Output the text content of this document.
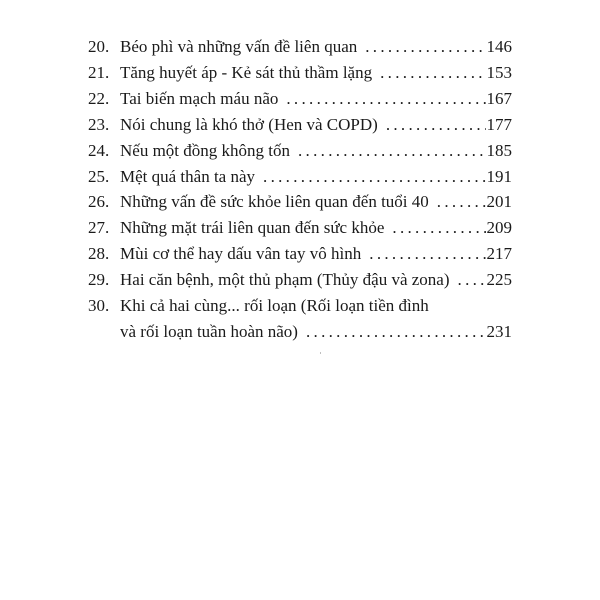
20. Béo phì và những vấn đề liên quan .....	146
21. Tăng huyết áp - Kẻ sát thủ thầm lặng .....	153
22. Tai biến mạch máu não .....	167
23. Nói chung là khó thở (Hen và COPD) .....	177
24. Nếu một đồng không tốn .....	185
25. Mệt quá thân ta này .....	191
26. Những vấn đề sức khỏe liên quan đến tuổi 40 .....	201
27. Những mặt trái liên quan đến sức khỏe .....	209
28. Mùi cơ thể hay dấu vân tay vô hình .....	217
29. Hai căn bệnh, một thủ phạm (Thủy đậu và zona) ..... 225
30. Khi cả hai cùng... rối loạn (Rối loạn tiền đình
và rối loạn tuần hoàn não) .....	231
